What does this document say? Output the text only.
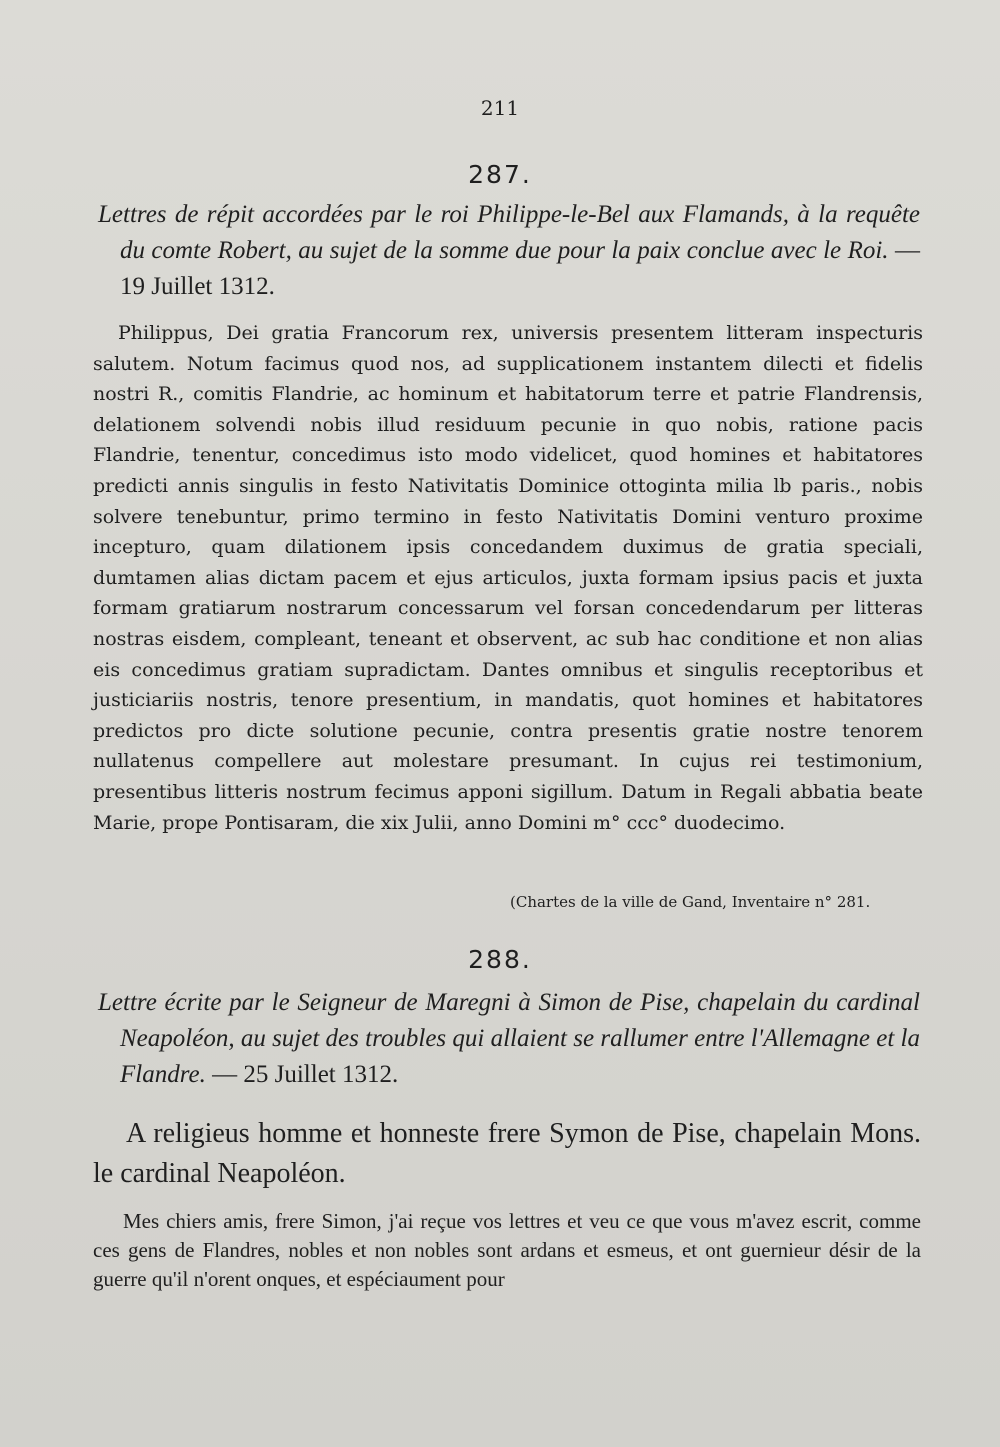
211
287.
Lettres de répit accordées par le roi Philippe-le-Bel aux Flamands, à la requête du comte Robert, au sujet de la somme due pour la paix conclue avec le Roi. — 19 Juillet 1312.

Philippus, Dei gratia Francorum rex, universis presentem litteram inspecturis salutem. Notum facimus quod nos, ad supplicationem instantem dilecti et fidelis nostri R., comitis Flandrie, ac hominum et habitatorum terre et patrie Flandrensis, delationem solvendi nobis illud residuum pecunie in quo nobis, ratione pacis Flandrie, tenentur, concedimus isto modo videlicet, quod homines et habitatores predicti annis singulis in festo Nativitatis Dominice ottoginta milia lb paris., nobis solvere tenebuntur, primo termino in festo Nativitatis Domini venturo proxime incepturo, quam dilationem ipsis concedandem duximus de gratia speciali, dumtamen alias dictam pacem et ejus articulos, juxta formam ipsius pacis et juxta formam gratiarum nostrarum concessarum vel forsan concedendarum per litteras nostras eisdem, compleant, teneant et observent, ac sub hac conditione et non alias eis concedimus gratiam supradictam. Dantes omnibus et singulis receptoribus et justiciariis nostris, tenore presentium, in mandatis, quot homines et habitatores predictos pro dicte solutione pecunie, contra presentis gratie nostre tenorem nullatenus compellere aut molestare presumant. In cujus rei testimonium, presentibus litteris nostrum fecimus apponi sigillum. Datum in Regali abbatia beate Marie, prope Pontisaram, die xix Julii, anno Domini m° ccc° duodecimo.

(Chartes de la ville de Gand, Inventaire n° 281.
288.
Lettre écrite par le Seigneur de Maregni à Simon de Pise, chapelain du cardinal Neapoléon, au sujet des troubles qui allaient se rallumer entre l'Allemagne et la Flandre. — 25 Juillet 1312.

A religieus homme et honneste frere Symon de Pise, chapelain Mons. le cardinal Neapoléon.

Mes chiers amis, frere Simon, j'ai reçue vos lettres et veu ce que vous m'avez escrit, comme ces gens de Flandres, nobles et non nobles sont ardans et esmeus, et ont guernieur désir de la guerre qu'il n'orent onques, et espéciaument pour
